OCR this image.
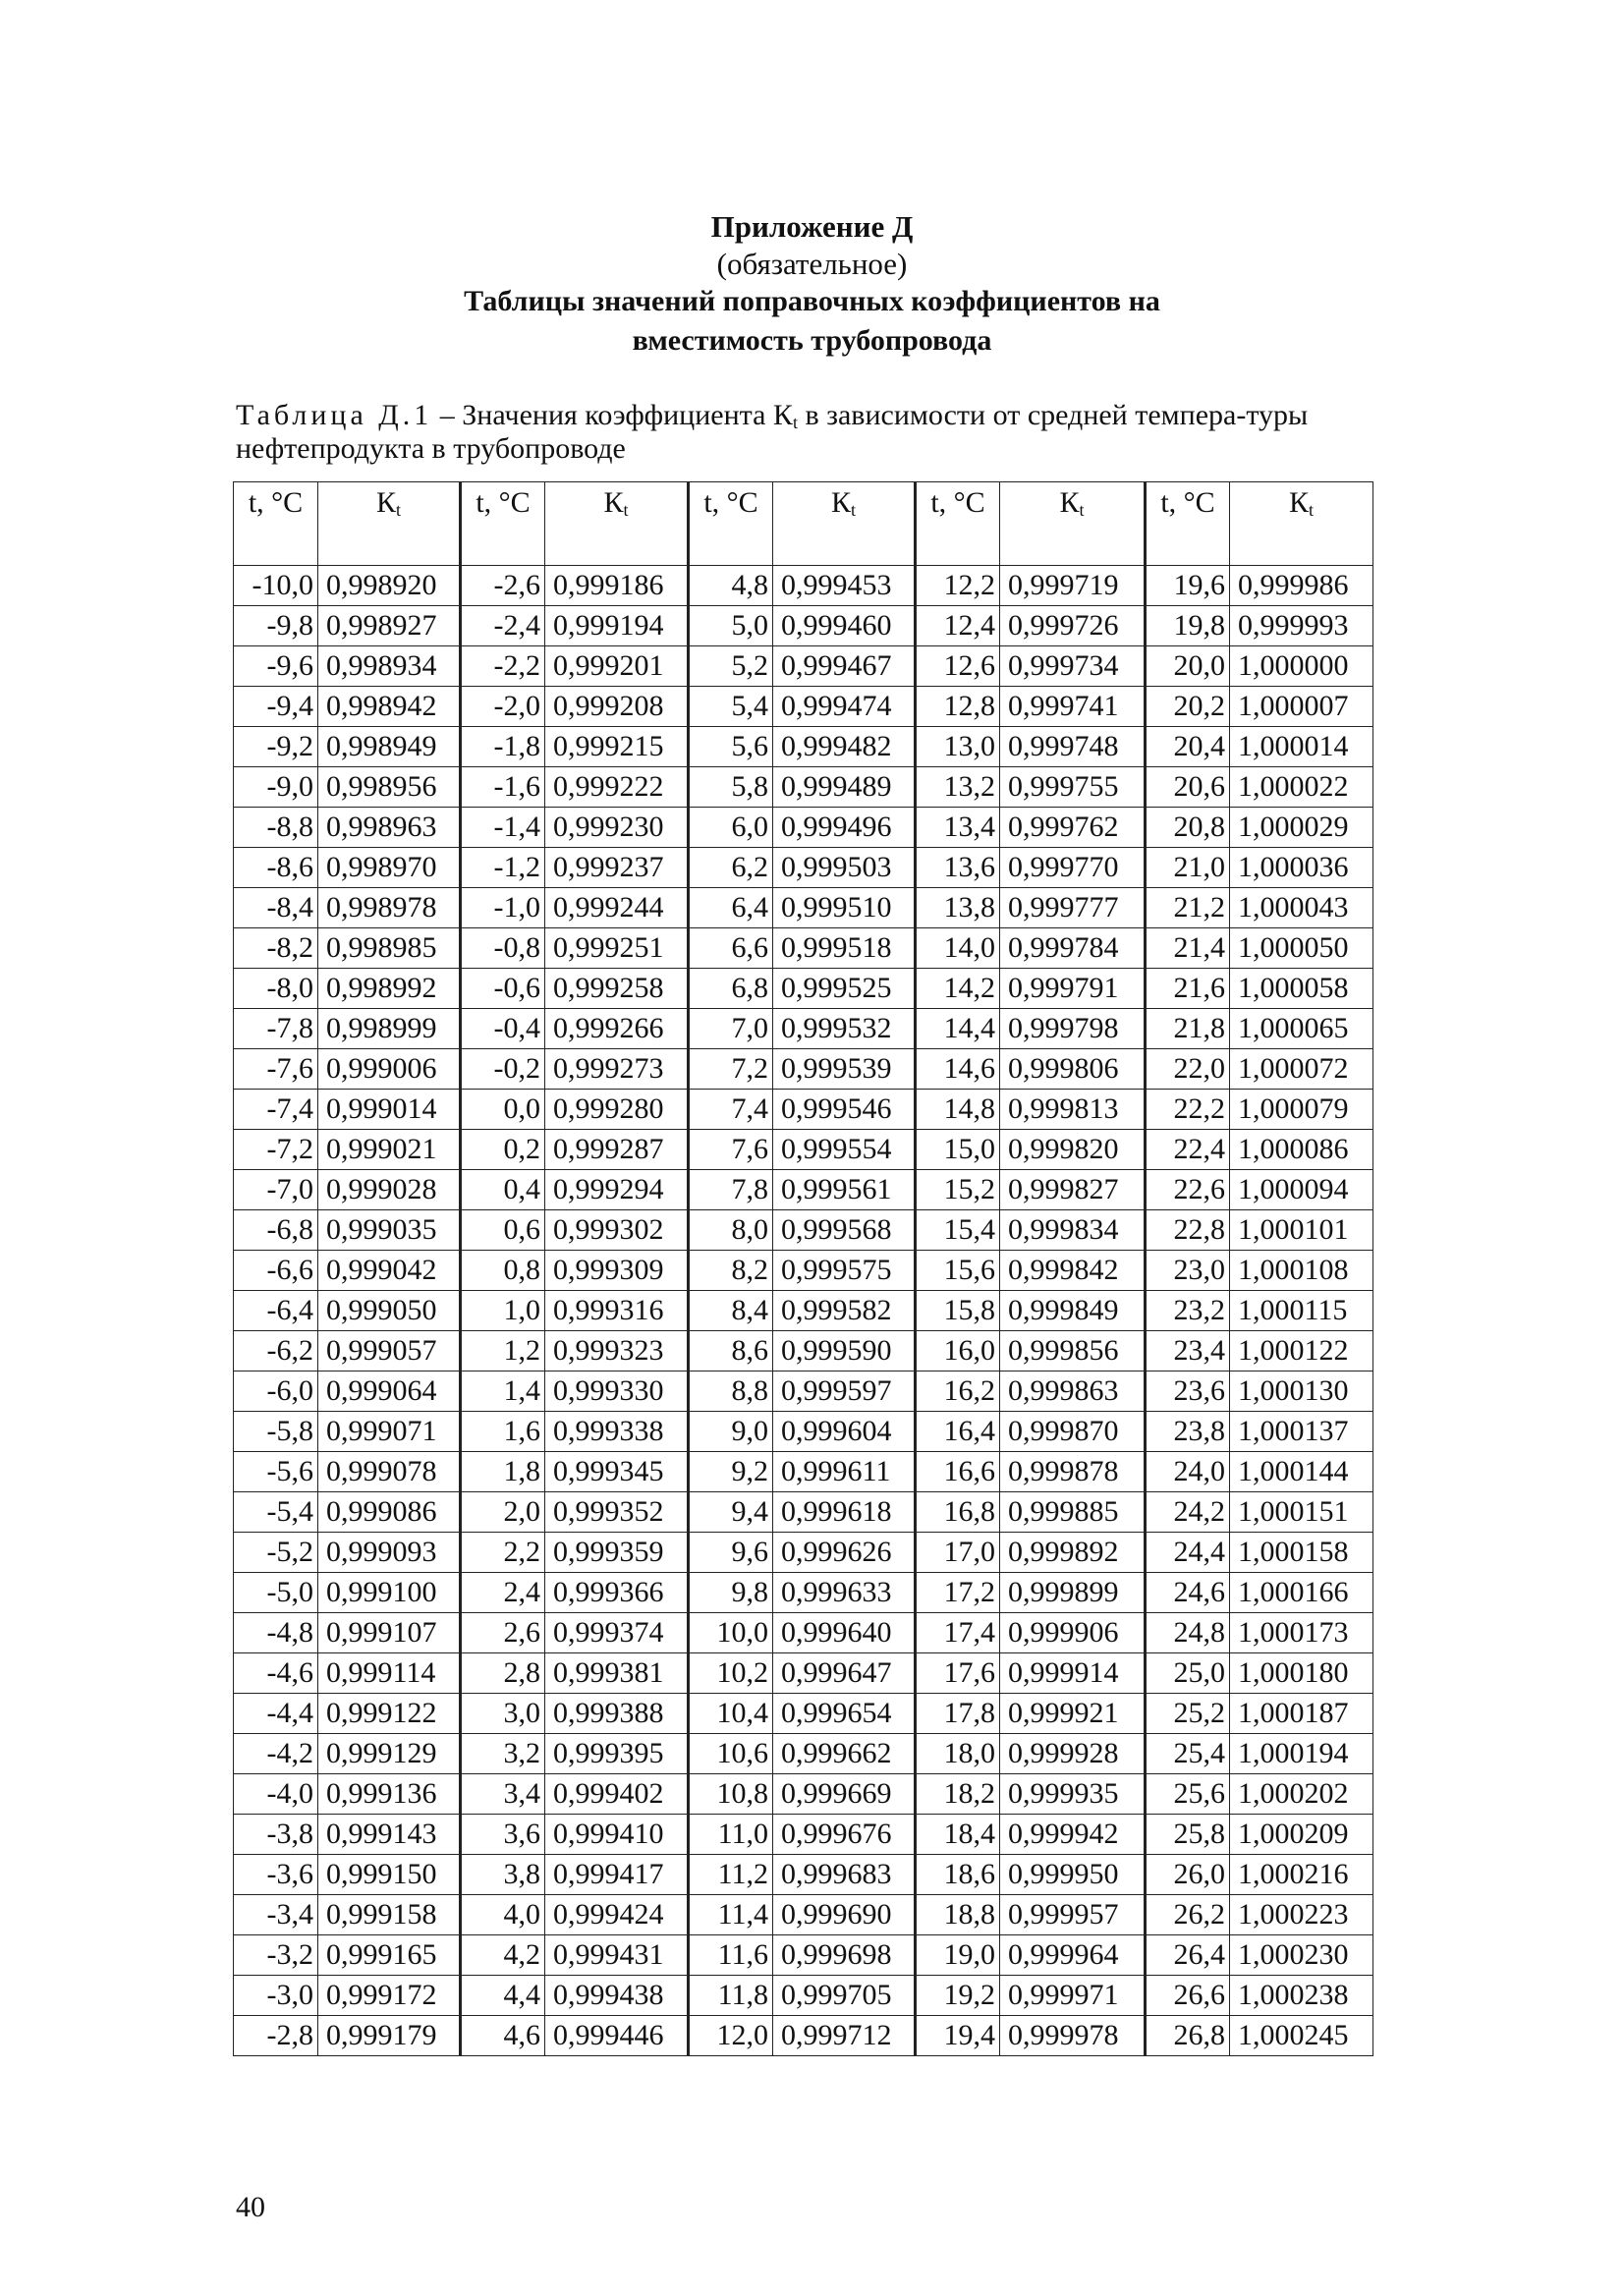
Приложение Д
(обязательное)
Таблицы значений поправочных коэффициентов на
вместимость трубопровода
Таблица Д.1 – Значения коэффициента $К_t$ в зависимости от средней темпера-туры нефтепродукта в трубопроводе
t, °C	$К_t$	t, °C	$К_t$	t, °C	$К_t$	t, °C	$К_t$	t, °C	$К_t$
-10,0	0,998920	-2,6	0,999186	4,8	0,999453	12,2	0,999719	19,6	0,999986
-9,8	0,998927	-2,4	0,999194	5,0	0,999460	12,4	0,999726	19,8	0,999993
-9,6	0,998934	-2,2	0,999201	5,2	0,999467	12,6	0,999734	20,0	1,000000
-9,4	0,998942	-2,0	0,999208	5,4	0,999474	12,8	0,999741	20,2	1,000007
-9,2	0,998949	-1,8	0,999215	5,6	0,999482	13,0	0,999748	20,4	1,000014
-9,0	0,998956	-1,6	0,999222	5,8	0,999489	13,2	0,999755	20,6	1,000022
-8,8	0,998963	-1,4	0,999230	6,0	0,999496	13,4	0,999762	20,8	1,000029
-8,6	0,998970	-1,2	0,999237	6,2	0,999503	13,6	0,999770	21,0	1,000036
-8,4	0,998978	-1,0	0,999244	6,4	0,999510	13,8	0,999777	21,2	1,000043
-8,2	0,998985	-0,8	0,999251	6,6	0,999518	14,0	0,999784	21,4	1,000050
-8,0	0,998992	-0,6	0,999258	6,8	0,999525	14,2	0,999791	21,6	1,000058
-7,8	0,998999	-0,4	0,999266	7,0	0,999532	14,4	0,999798	21,8	1,000065
-7,6	0,999006	-0,2	0,999273	7,2	0,999539	14,6	0,999806	22,0	1,000072
-7,4	0,999014	0,0	0,999280	7,4	0,999546	14,8	0,999813	22,2	1,000079
-7,2	0,999021	0,2	0,999287	7,6	0,999554	15,0	0,999820	22,4	1,000086
-7,0	0,999028	0,4	0,999294	7,8	0,999561	15,2	0,999827	22,6	1,000094
-6,8	0,999035	0,6	0,999302	8,0	0,999568	15,4	0,999834	22,8	1,000101
-6,6	0,999042	0,8	0,999309	8,2	0,999575	15,6	0,999842	23,0	1,000108
-6,4	0,999050	1,0	0,999316	8,4	0,999582	15,8	0,999849	23,2	1,000115
-6,2	0,999057	1,2	0,999323	8,6	0,999590	16,0	0,999856	23,4	1,000122
-6,0	0,999064	1,4	0,999330	8,8	0,999597	16,2	0,999863	23,6	1,000130
-5,8	0,999071	1,6	0,999338	9,0	0,999604	16,4	0,999870	23,8	1,000137
-5,6	0,999078	1,8	0,999345	9,2	0,999611	16,6	0,999878	24,0	1,000144
-5,4	0,999086	2,0	0,999352	9,4	0,999618	16,8	0,999885	24,2	1,000151
-5,2	0,999093	2,2	0,999359	9,6	0,999626	17,0	0,999892	24,4	1,000158
-5,0	0,999100	2,4	0,999366	9,8	0,999633	17,2	0,999899	24,6	1,000166
-4,8	0,999107	2,6	0,999374	10,0	0,999640	17,4	0,999906	24,8	1,000173
-4,6	0,999114	2,8	0,999381	10,2	0,999647	17,6	0,999914	25,0	1,000180
-4,4	0,999122	3,0	0,999388	10,4	0,999654	17,8	0,999921	25,2	1,000187
-4,2	0,999129	3,2	0,999395	10,6	0,999662	18,0	0,999928	25,4	1,000194
-4,0	0,999136	3,4	0,999402	10,8	0,999669	18,2	0,999935	25,6	1,000202
-3,8	0,999143	3,6	0,999410	11,0	0,999676	18,4	0,999942	25,8	1,000209
-3,6	0,999150	3,8	0,999417	11,2	0,999683	18,6	0,999950	26,0	1,000216
-3,4	0,999158	4,0	0,999424	11,4	0,999690	18,8	0,999957	26,2	1,000223
-3,2	0,999165	4,2	0,999431	11,6	0,999698	19,0	0,999964	26,4	1,000230
-3,0	0,999172	4,4	0,999438	11,8	0,999705	19,2	0,999971	26,6	1,000238
-2,8	0,999179	4,6	0,999446	12,0	0,999712	19,4	0,999978	26,8	1,000245
40
